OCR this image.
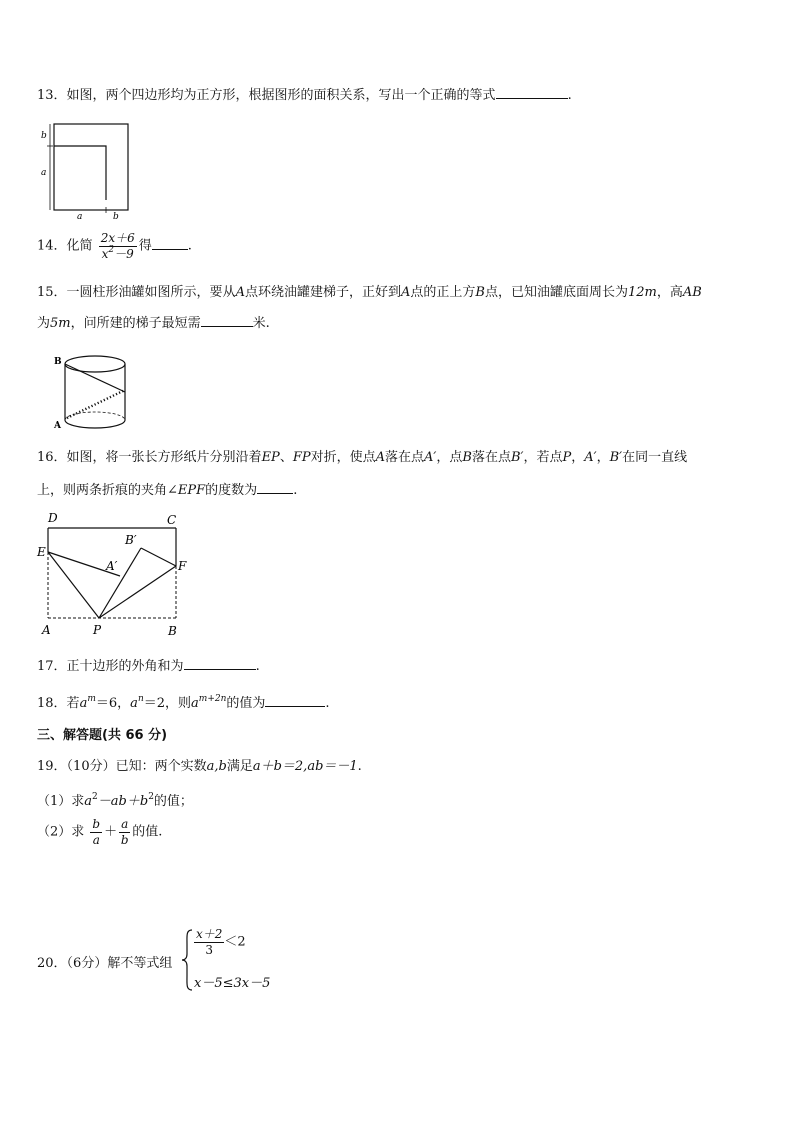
13．如图，两个四边形均为正方形，根据图形的面积关系，写出一个正确的等式	.
b
a
a	b
14．化简 $\frac{2x+6}{x^2-9}$ 得	.
15．一圆柱形油罐如图所示，要从A点环绕油罐建梯子，正好到A点的正上方B点，已知油罐底面周长为12m，高AB
为5m，问所建的梯子最短需	米.
B
A
16．如图，将一张长方形纸片分别沿着EP、FP对折，使点A落在点A′，点B落在点B′，若点P，A′，B′在同一直线
上，则两条折痕的夹角∠EPF的度数为	.
D	C
E
B′
A′	F
A	P	B
17．正十边形的外角和为	.
18．若$a^m=6$，$a^n=2$，则$a^{m+2n}$的值为	.
三、解答题(共 66 分)
19．（10分）已知：两个实数a,b满足a＋b＝2,ab＝－1.
（1）求$a^2-ab+b^2$的值；
（2）求 $\frac{b}{a} + \frac{a}{b}$ 的值.
20．（6分）解不等式组
$\frac{x+2}{3} <2$
x－5≤3x－5
